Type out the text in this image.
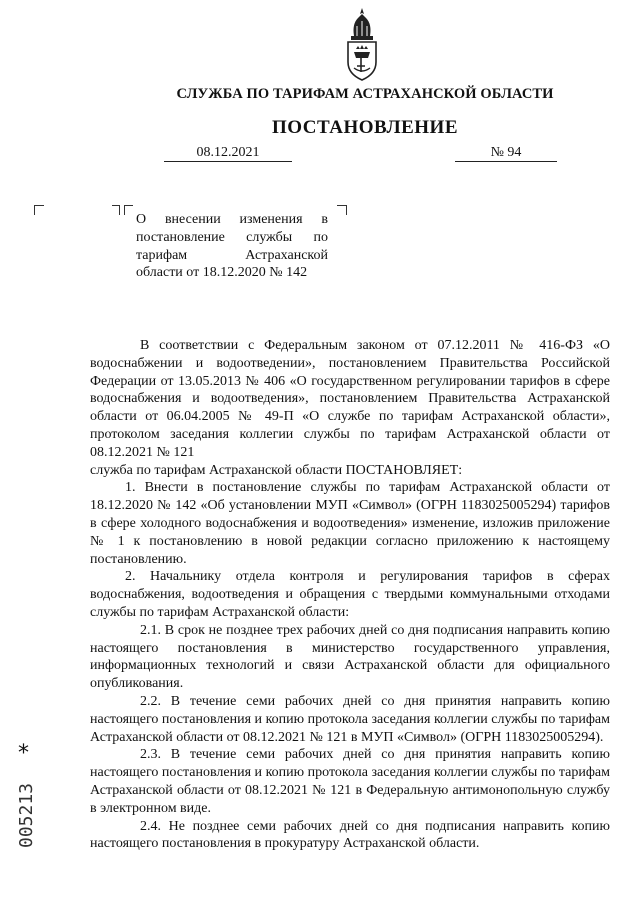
СЛУЖБА ПО ТАРИФАМ АСТРАХАНСКОЙ ОБЛАСТИ
ПОСТАНОВЛЕНИЕ
08.12.2021	№ 94
О внесении изменения в
постановление службы по
тарифам Астраханской
области от 18.12.2020 № 142

В соответствии с Федеральным законом от 07.12.2011 № 416-ФЗ «О водоснабжении и водоотведении», постановлением Правительства Российской Федерации от 13.05.2013 № 406 «О государственном регулировании тарифов в сфере водоснабжения и водоотведения», постановлением Правительства Астраханской области от 06.04.2005 № 49-П «О службе по тарифам Астраханской области», протоколом заседания коллегии службы по тарифам Астраханской области от 08.12.2021 № 121

служба по тарифам Астраханской области ПОСТАНОВЛЯЕТ:

1. Внести в постановление службы по тарифам Астраханской области от 18.12.2020 № 142 «Об установлении МУП «Символ» (ОГРН 1183025005294) тарифов в сфере холодного водоснабжения и водоотведения» изменение, изложив приложение № 1 к постановлению в новой редакции согласно приложению к настоящему постановлению.

2. Начальнику отдела контроля и регулирования тарифов в сферах водоснабжения, водоотведения и обращения с твердыми коммунальными отходами службы по тарифам Астраханской области:

2.1. В срок не позднее трех рабочих дней со дня подписания направить копию настоящего постановления в министерство государственного управления, информационных технологий и связи Астраханской области для официального опубликования.

2.2. В течение семи рабочих дней со дня принятия направить копию настоящего постановления и копию протокола заседания коллегии службы по тарифам Астраханской области от 08.12.2021 № 121 в МУП «Символ» (ОГРН 1183025005294).

2.3. В течение семи рабочих дней со дня принятия направить копию настоящего постановления и копию протокола заседания коллегии службы по тарифам Астраханской области от 08.12.2021 № 121 в Федеральную антимонопольную службу в электронном виде.

2.4. Не позднее семи рабочих дней со дня подписания направить копию настоящего постановления в прокуратуру Астраханской области.

*
005213
